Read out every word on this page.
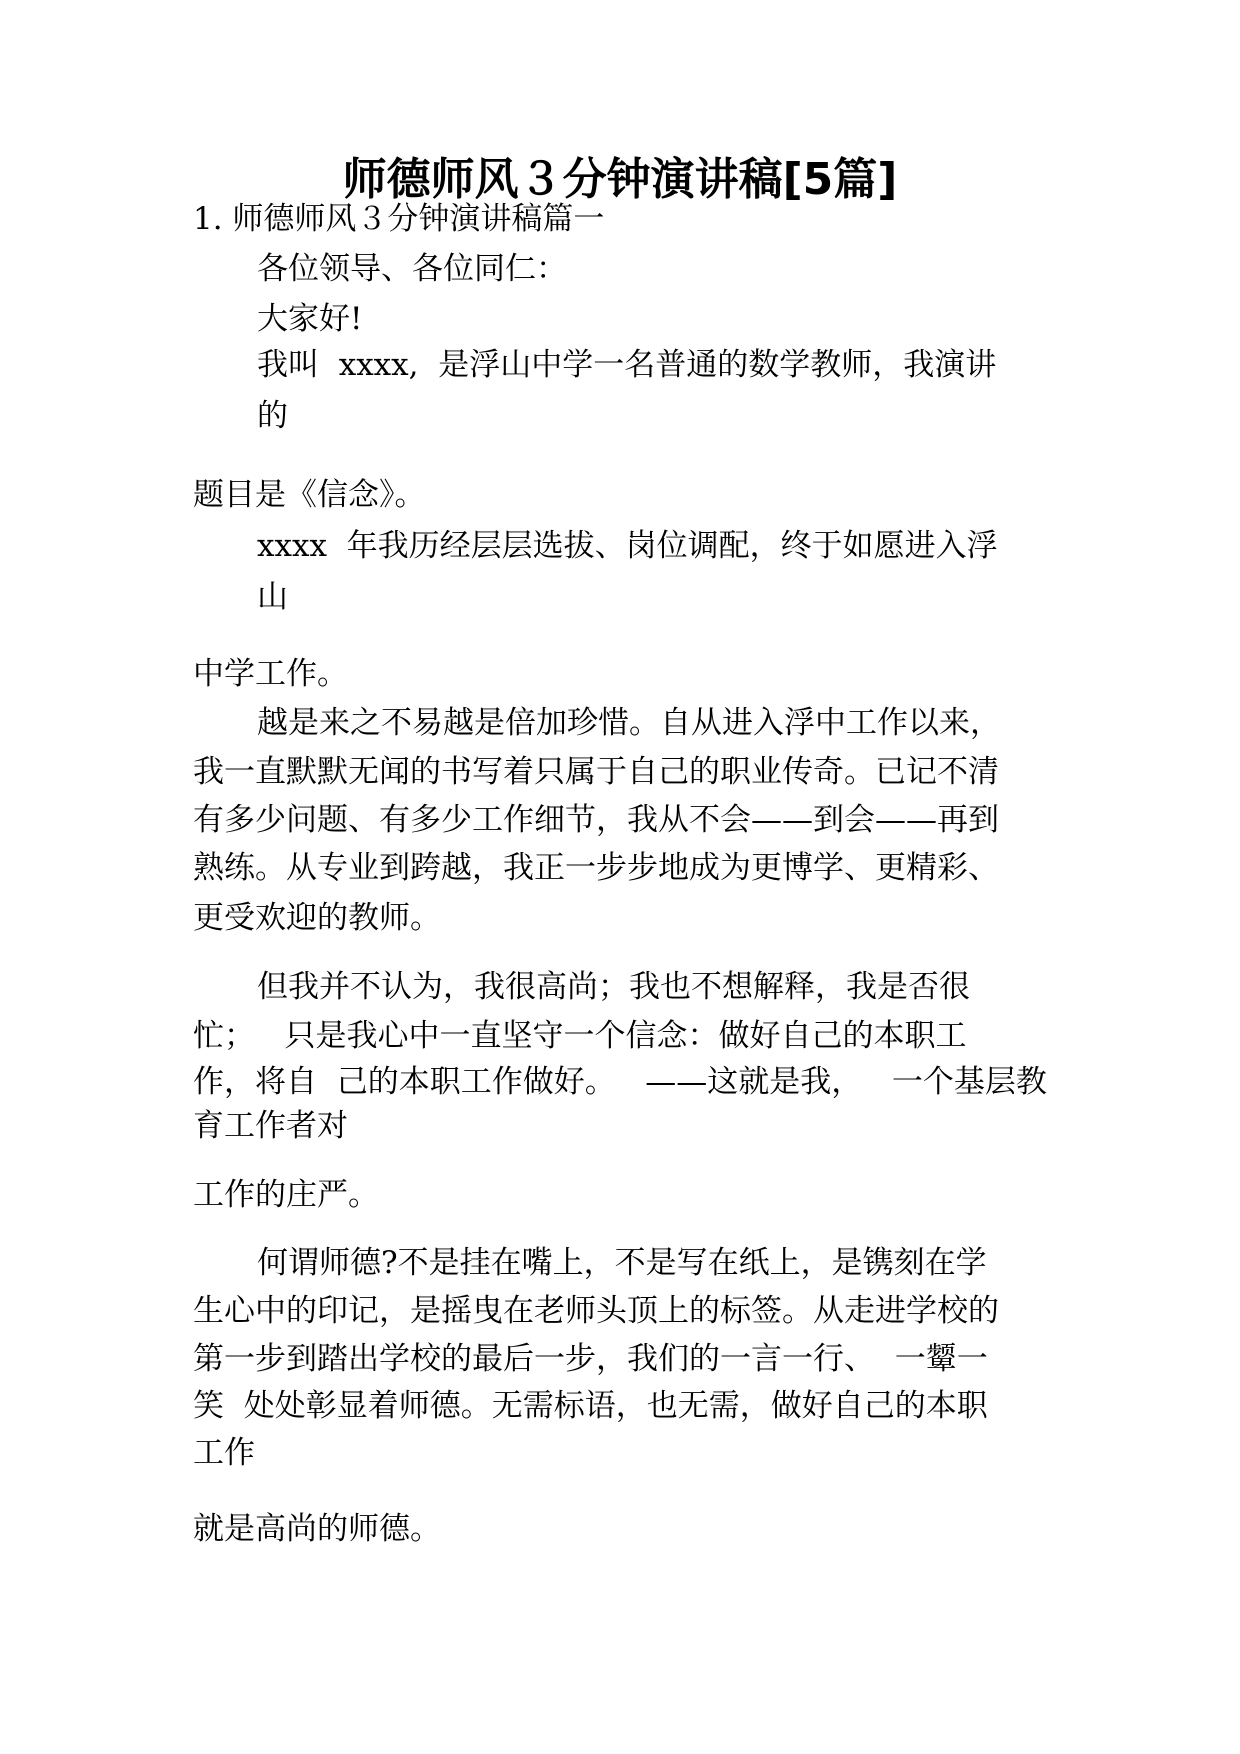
师德师风３分钟演讲稿[5篇]

1. 师德师风３分钟演讲稿篇一

各位领导、各位同仁：

大家好!

我叫  xxxx,  是浮山中学一名普通的数学教师，我演讲

的

题目是《信念》。

xxxx  年我历经层层选拔、岗位调配，终于如愿进入浮

山

中学工作。

越是来之不易越是倍加珍惜。自从进入浮中工作以来，

我一直默默无闻的书写着只属于自己的职业传奇。已记不清

有多少问题、有多少工作细节，我从不会——到会——再到

熟练。从专业到跨越，我正一步步地成为更博学、更精彩、

更受欢迎的教师。

但我并不认为，我很高尚；我也不想解释，我是否很

忙；   只是我心中一直坚守一个信念：做好自己的本职工

作，将自  己的本职工作做好。   ——这就是我，   一个基层教

育工作者对

工作的庄严。

何谓师德?不是挂在嘴上，不是写在纸上，是镌刻在学

生心中的印记，是摇曳在老师头顶上的标签。从走进学校的

第一步到踏出学校的最后一步，我们的一言一行、  一颦一

笑  处处彰显着师德。无需标语，也无需，做好自己的本职

工作

就是高尚的师德。
